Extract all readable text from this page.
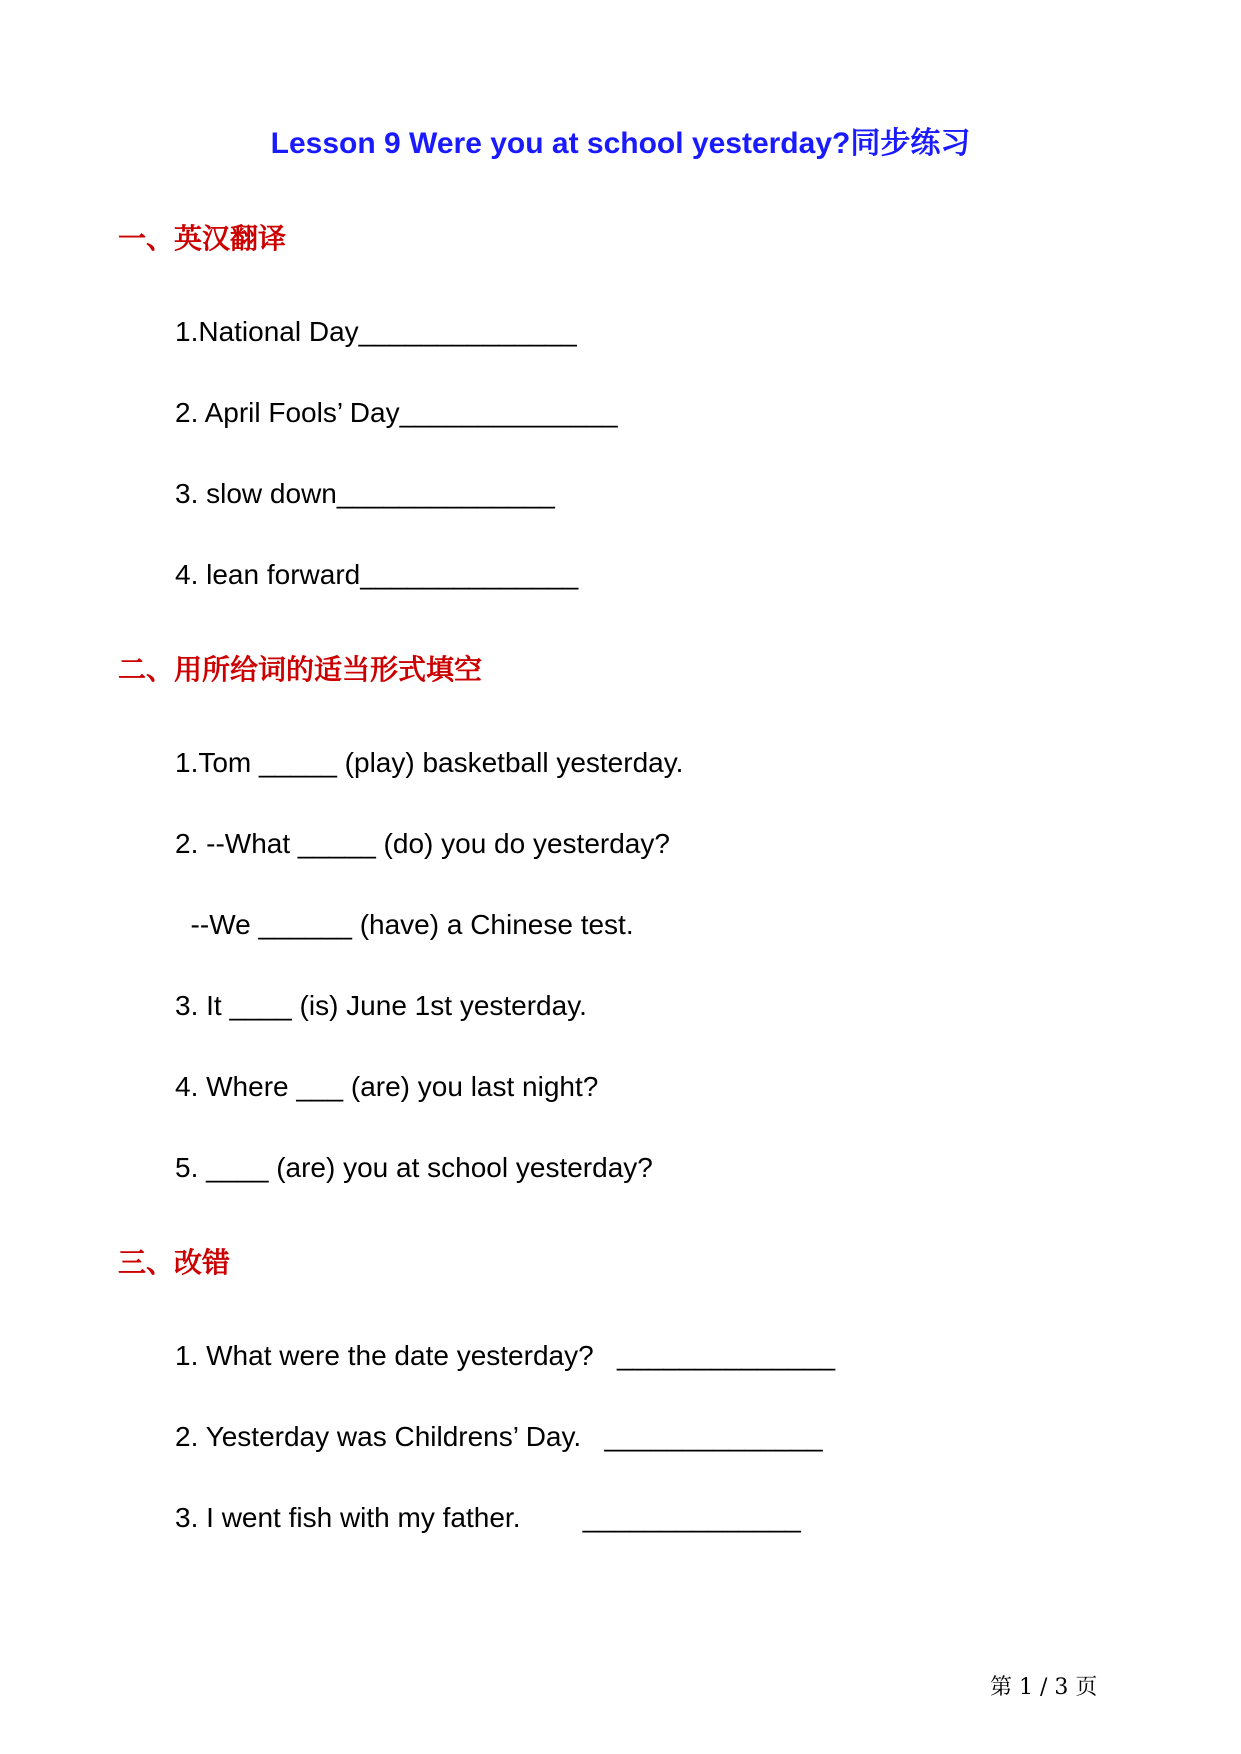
Lesson 9 Were you at school yesterday?同步练习
一、英汉翻译
1.National Day______________
2. April Fools’ Day______________
3. slow down______________
4. lean forward______________
二、用所给词的适当形式填空
1.Tom _____ (play) basketball yesterday.
2. --What _____ (do) you do yesterday?
--We ______ (have) a Chinese test.
3. It ____ (is) June 1st yesterday.
4. Where ___ (are) you last night?
5. ____ (are) you at school yesterday?
三、改错
1. What were the date yesterday?   ______________
2. Yesterday was Childrens’ Day.   ______________
3. I went fish with my father.        ______________
第 1 / 3 页
